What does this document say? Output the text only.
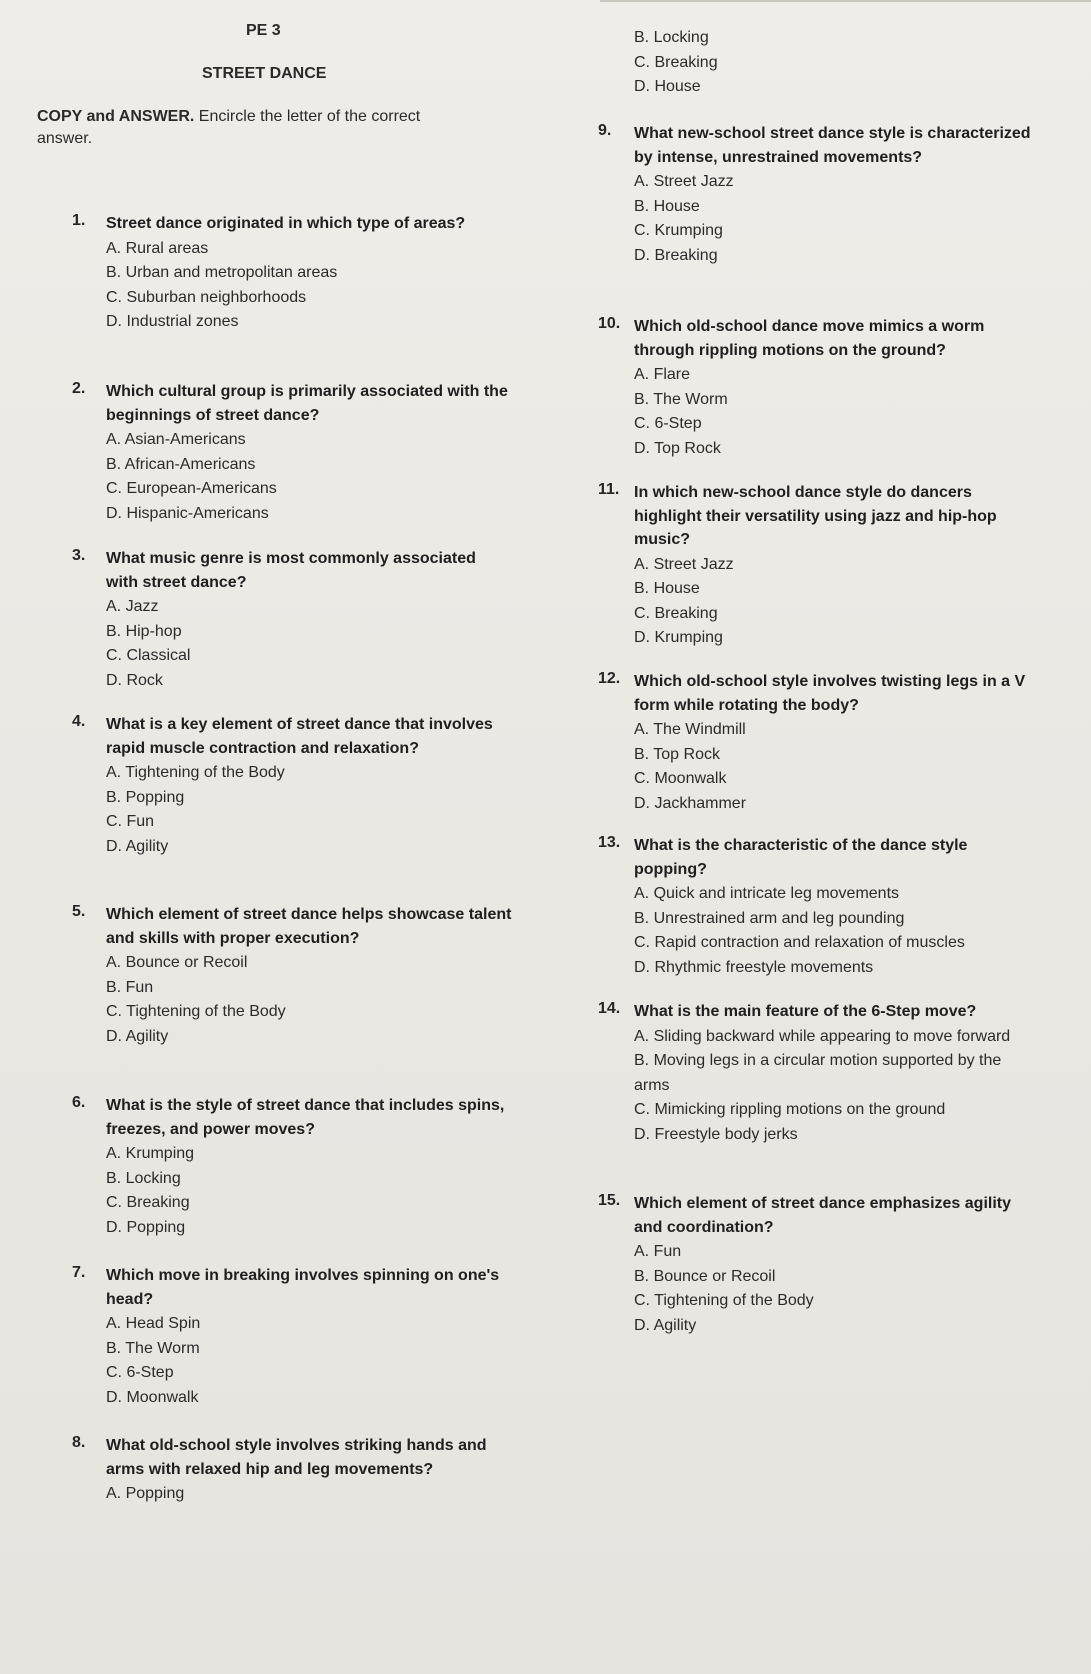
PE 3
STREET DANCE
COPY and ANSWER. Encircle the letter of the correct answer.
1.	Street dance originated in which type of areas?
A. Rural areas
B. Urban and metropolitan areas
C. Suburban neighborhoods
D. Industrial zones
2.	Which cultural group is primarily associated with the beginnings of street dance?
A. Asian-Americans
B. African-Americans
C. European-Americans
D. Hispanic-Americans
3.	What music genre is most commonly associated with street dance?
A. Jazz
B. Hip-hop
C. Classical
D. Rock
4.	What is a key element of street dance that involves rapid muscle contraction and relaxation?
A. Tightening of the Body
B. Popping
C. Fun
D. Agility
5.	Which element of street dance helps showcase talent and skills with proper execution?
A. Bounce or Recoil
B. Fun
C. Tightening of the Body
D. Agility
6.	What is the style of street dance that includes spins, freezes, and power moves?
A. Krumping
B. Locking
C. Breaking
D. Popping
7.	Which move in breaking involves spinning on one's head?
A. Head Spin
B. The Worm
C. 6-Step
D. Moonwalk
8.	What old-school style involves striking hands and arms with relaxed hip and leg movements?
A. Popping
B. Locking
C. Breaking
D. House
9.	What new-school street dance style is characterized by intense, unrestrained movements?
A. Street Jazz
B. House
C. Krumping
D. Breaking
10. Which old-school dance move mimics a worm through rippling motions on the ground?
A. Flare
B. The Worm
C. 6-Step
D. Top Rock
11. In which new-school dance style do dancers highlight their versatility using jazz and hip-hop music?
A. Street Jazz
B. House
C. Breaking
D. Krumping
12. Which old-school style involves twisting legs in a V form while rotating the body?
A. The Windmill
B. Top Rock
C. Moonwalk
D. Jackhammer
13. What is the characteristic of the dance style popping?
A. Quick and intricate leg movements
B. Unrestrained arm and leg pounding
C. Rapid contraction and relaxation of muscles
D. Rhythmic freestyle movements
14. What is the main feature of the 6-Step move?
A. Sliding backward while appearing to move forward
B. Moving legs in a circular motion supported by the arms
C. Mimicking rippling motions on the ground
D. Freestyle body jerks
15. Which element of street dance emphasizes agility and coordination?
A. Fun
B. Bounce or Recoil
C. Tightening of the Body
D. Agility
